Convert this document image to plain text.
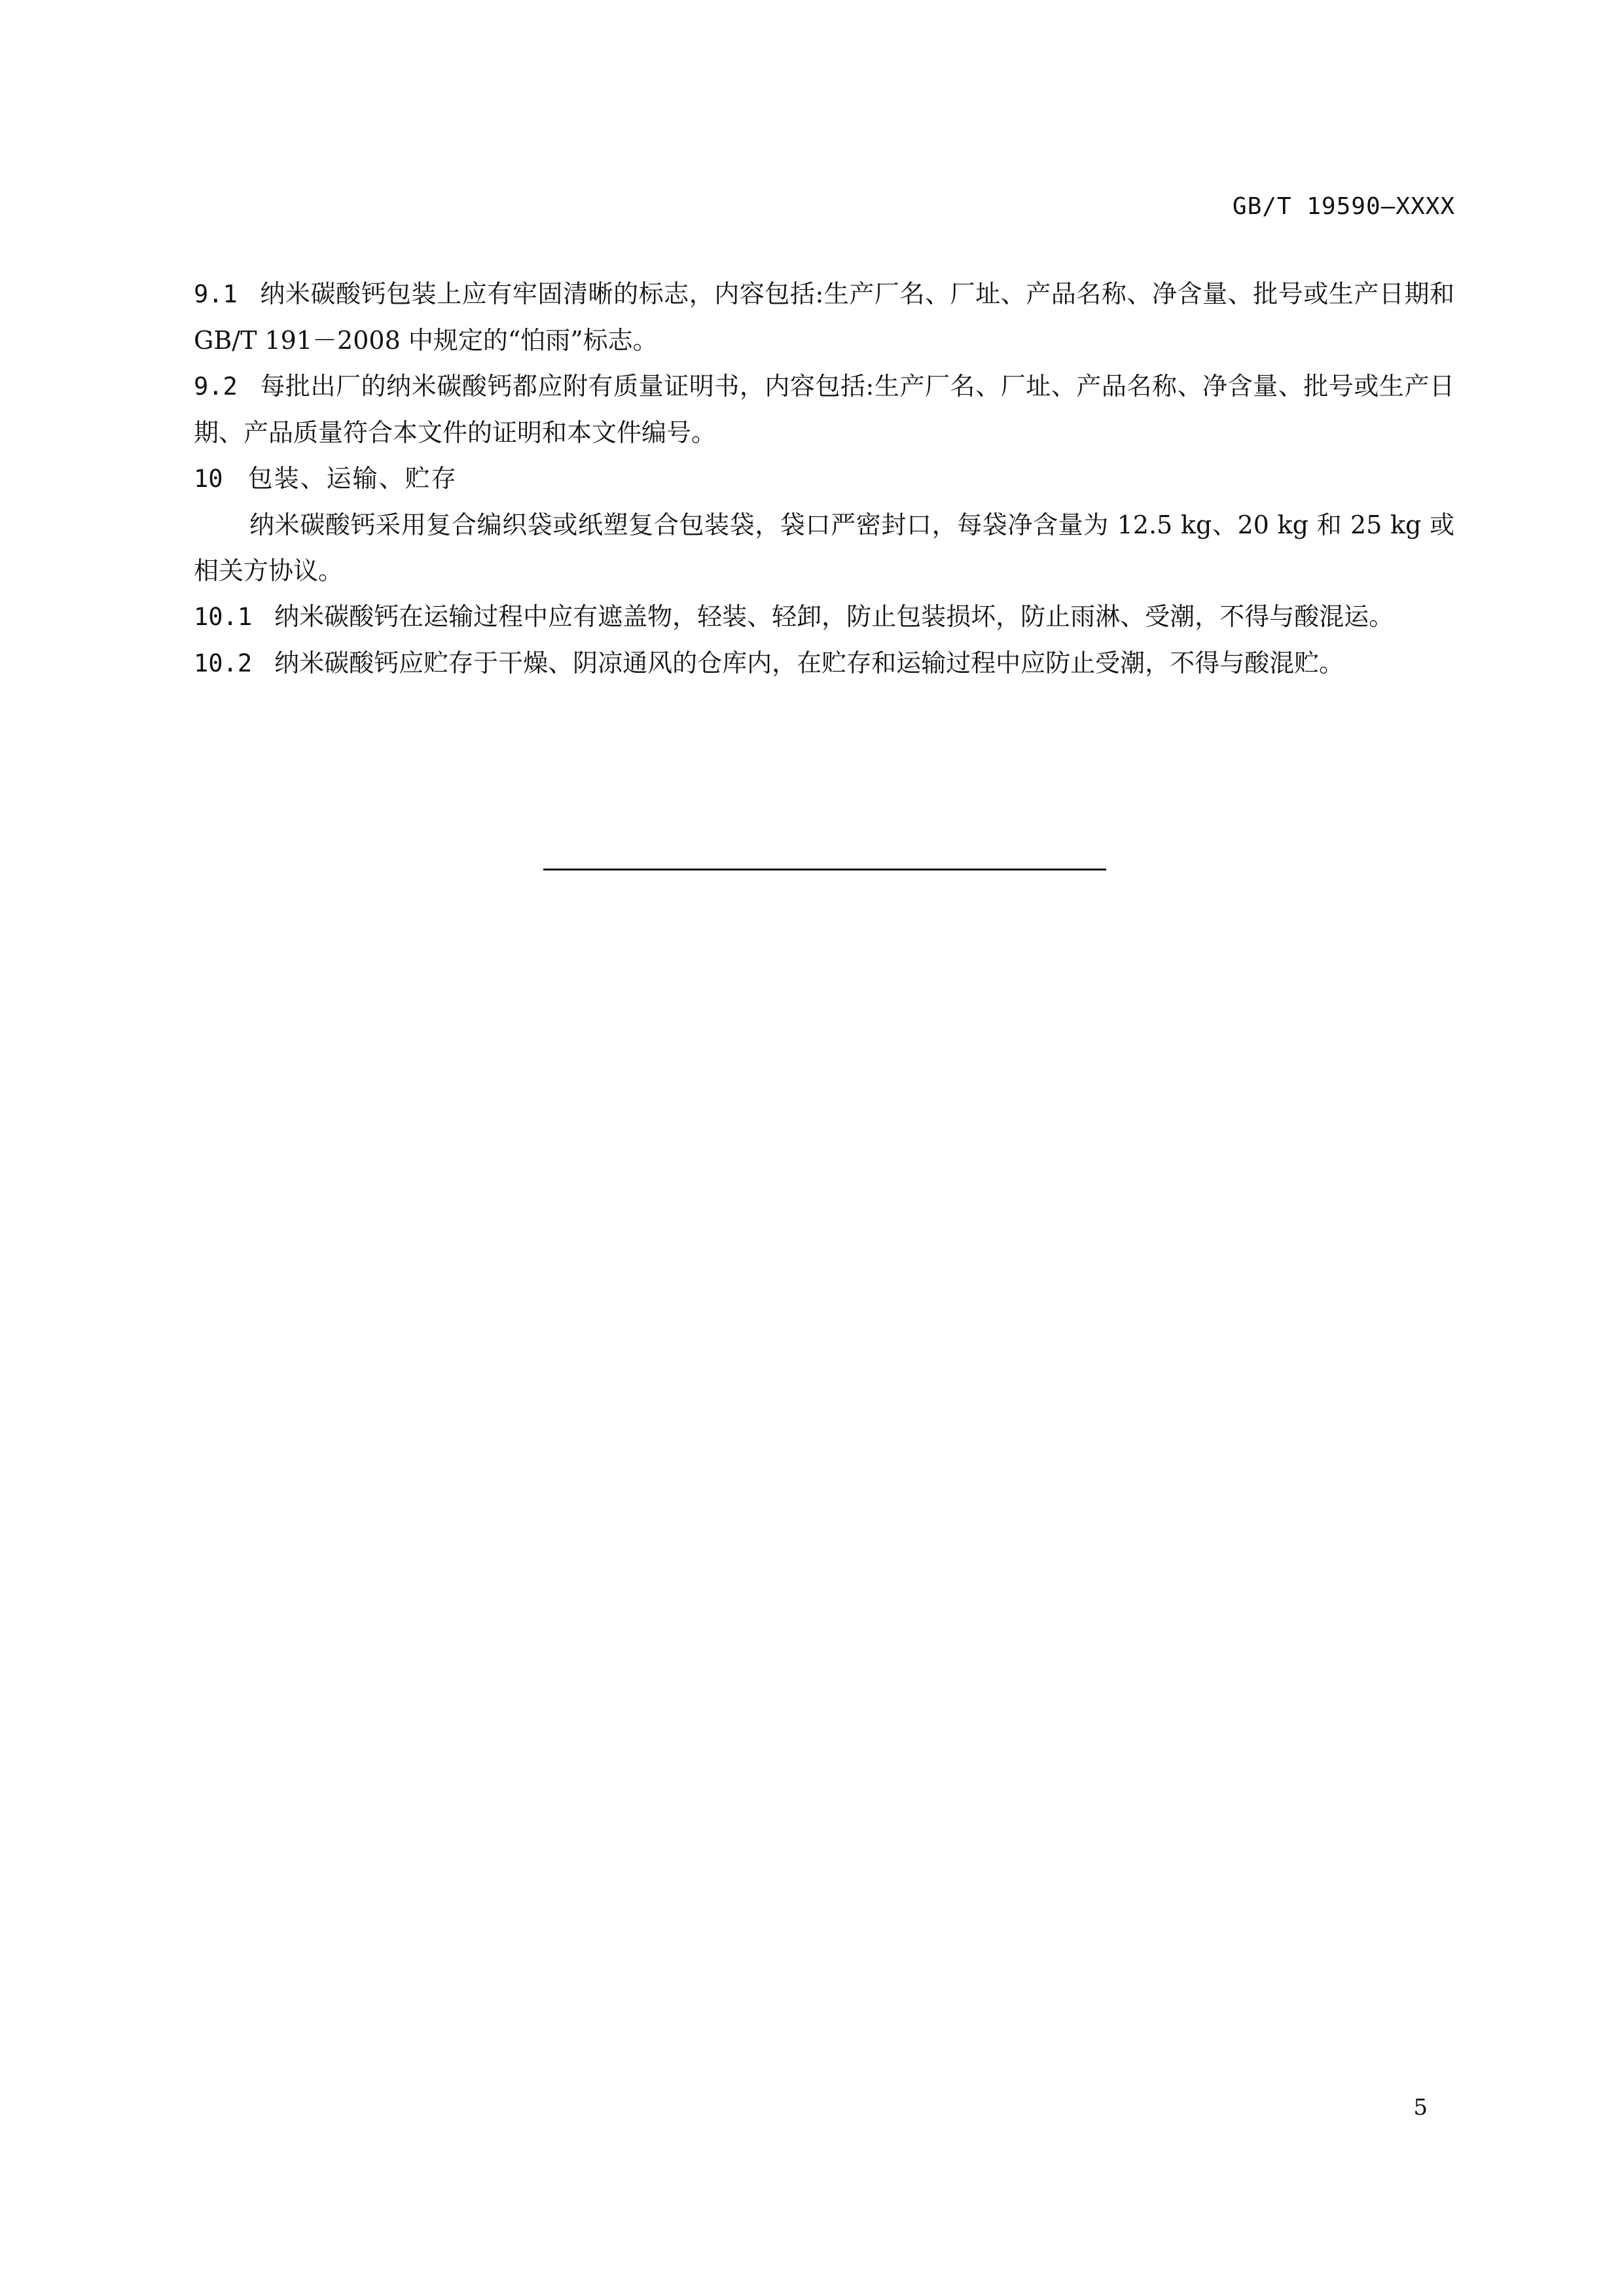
GB/T 19590—XXXX

9.1 纳米碳酸钙包装上应有牢固清晰的标志，内容包括:生产厂名、厂址、产品名称、净含量、批号或生产日期和 GB/T 191－2008 中规定的“怕雨”标志。

9.2 每批出厂的纳米碳酸钙都应附有质量证明书，内容包括:生产厂名、厂址、产品名称、净含量、批号或生产日期、产品质量符合本文件的证明和本文件编号。

10 包装、运输、贮存

纳米碳酸钙采用复合编织袋或纸塑复合包装袋，袋口严密封口，每袋净含量为 12.5 kg、20 kg 和 25 kg 或相关方协议。

10.1 纳米碳酸钙在运输过程中应有遮盖物，轻装、轻卸，防止包装损坏，防止雨淋、受潮，不得与酸混运。

10.2 纳米碳酸钙应贮存于干燥、阴凉通风的仓库内，在贮存和运输过程中应防止受潮，不得与酸混贮。

5
